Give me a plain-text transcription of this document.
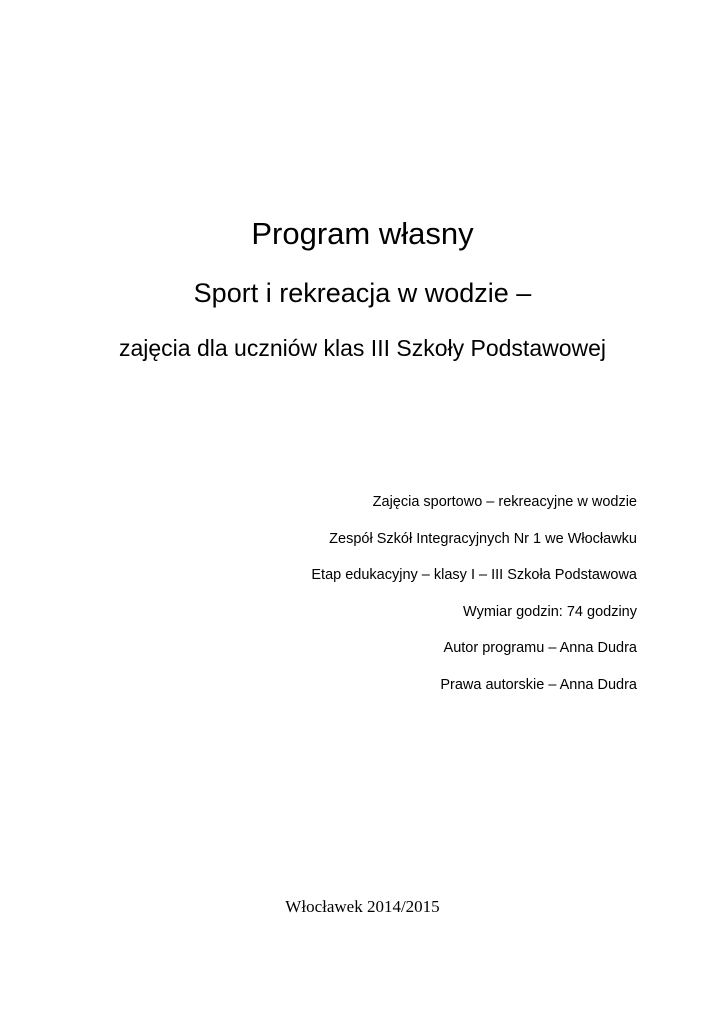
Program własny
Sport i rekreacja w wodzie –
zajęcia dla uczniów klas III Szkoły Podstawowej
Zajęcia sportowo – rekreacyjne w wodzie
Zespół Szkół Integracyjnych Nr 1 we Włocławku
Etap edukacyjny – klasy I – III Szkoła Podstawowa
Wymiar godzin: 74 godziny
Autor programu – Anna Dudra
Prawa autorskie – Anna Dudra
Włocławek 2014/2015
